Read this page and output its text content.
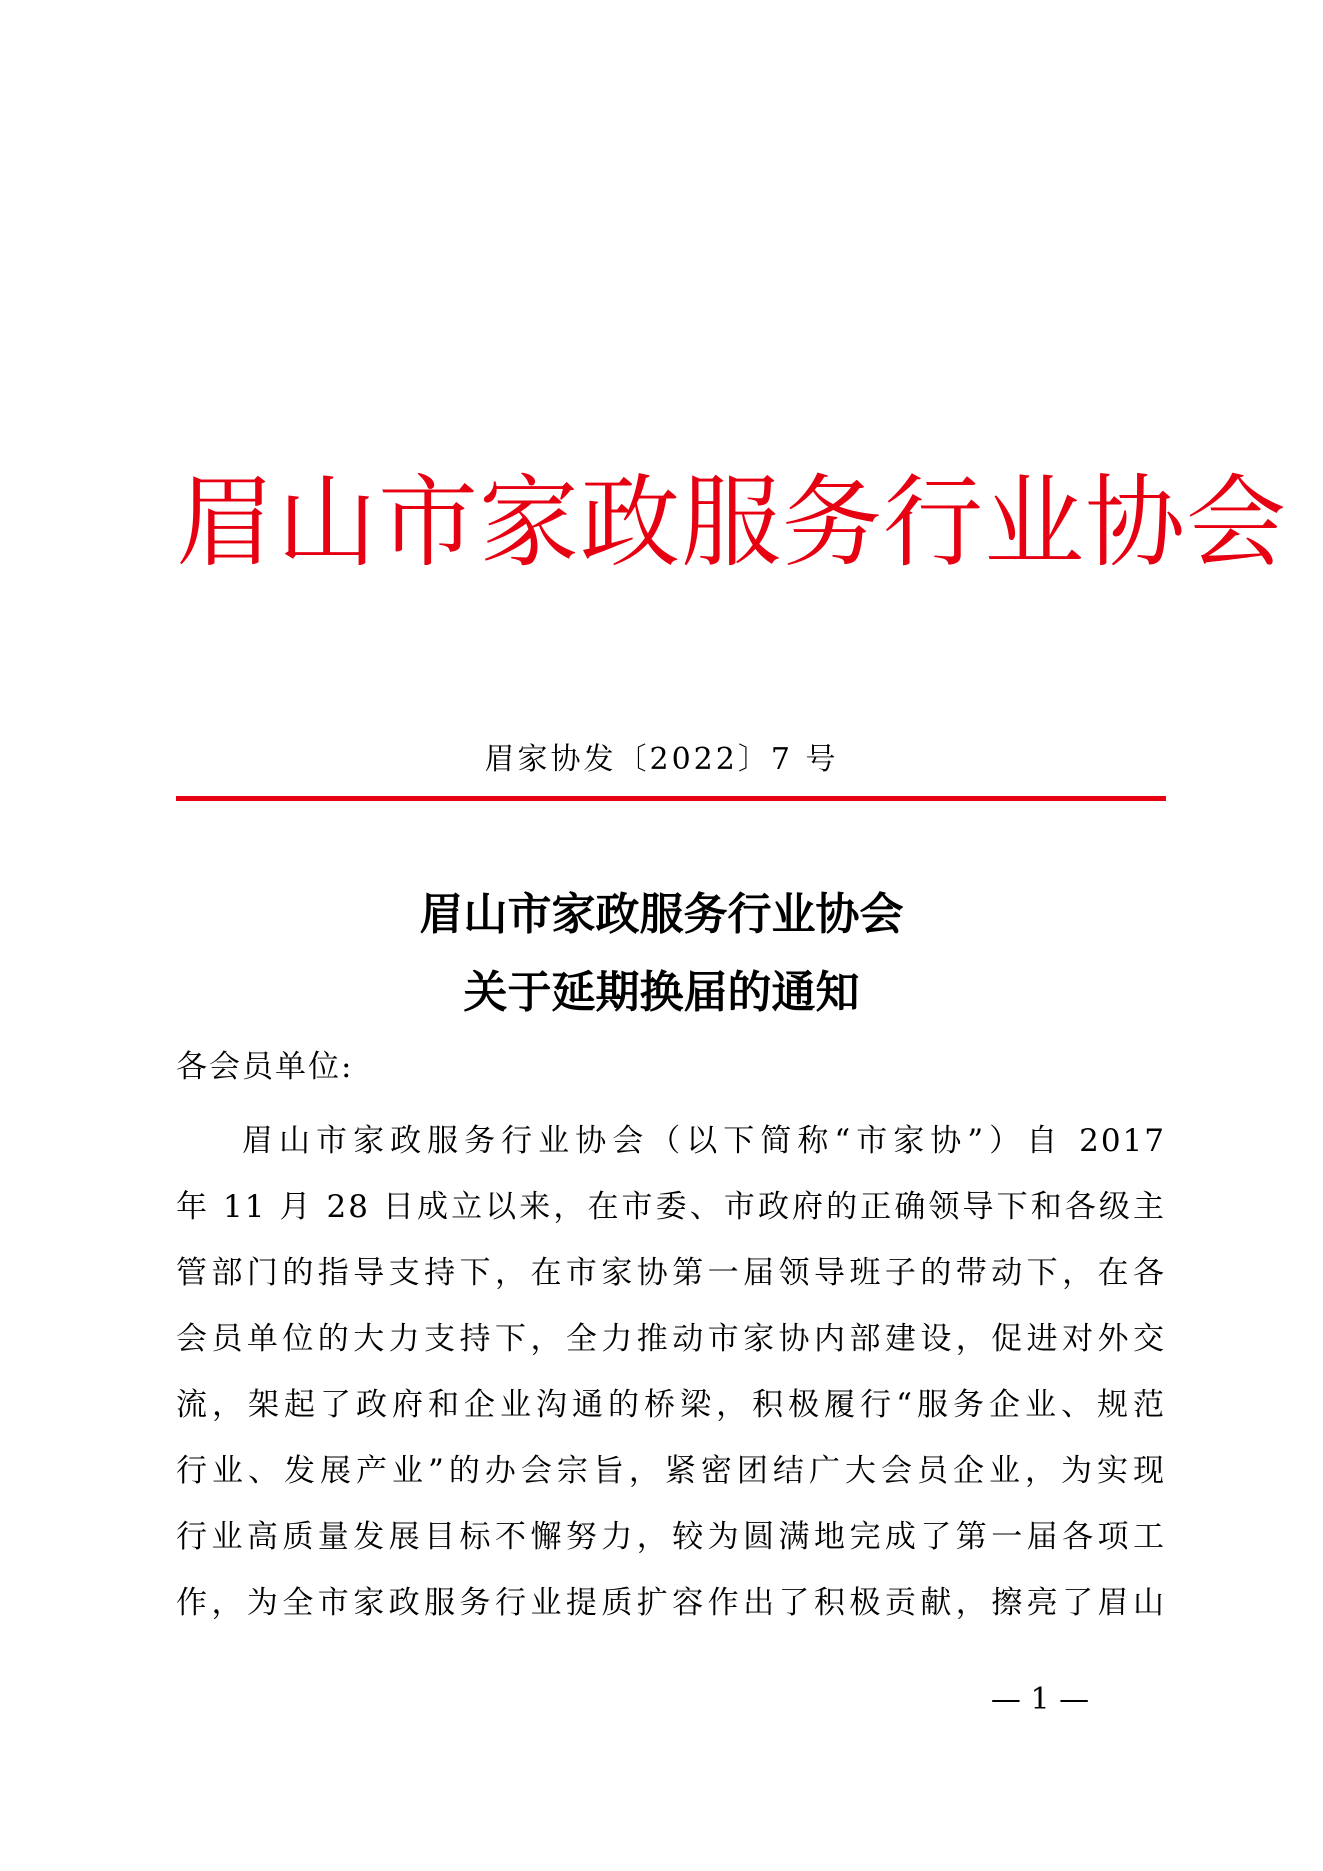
眉山市家政服务行业协会
眉家协发〔2022〕7 号
眉山市家政服务行业协会
关于延期换届的通知
各会员单位:
眉山市家政服务行业协会（以下简称“市家协”）自 2017
年 11 月 28 日成立以来，在市委、市政府的正确领导下和各级主
管部门的指导支持下，在市家协第一届领导班子的带动下，在各
会员单位的大力支持下，全力推动市家协内部建设，促进对外交
流，架起了政府和企业沟通的桥梁，积极履行“服务企业、规范
行业、发展产业”的办会宗旨，紧密团结广大会员企业，为实现
行业高质量发展目标不懈努力，较为圆满地完成了第一届各项工
作，为全市家政服务行业提质扩容作出了积极贡献，擦亮了眉山
— 1 —
